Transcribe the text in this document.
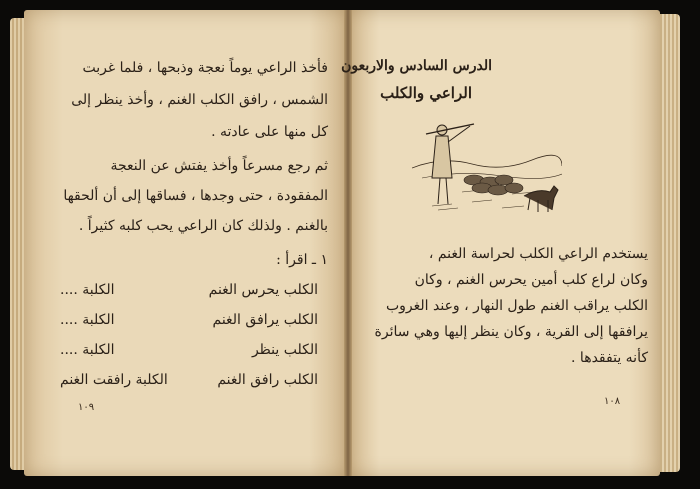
فأخذ الراعي يوماً نعجة وذبحها ، فلما غربت
الشمس ، رافق الكلب الغنم ، وأخذ ينظر إلى
كل منها على عادته .
ثم رجع مسرعاً وأخذ يفتش عن النعجة
المفقودة ، حتى وجدها ، فساقها إلى أن ألحقها
بالغنم . ولذلك كان الراعي يحب كلبه كثيراً .
١ ـ اقرأ :
الكلبة ....	الكلب يحرس الغنم
الكلبة ....	الكلب يرافق الغنم
الكلبة ....	الكلب ينظر
الكلبة رافقت الغنم	الكلب رافق الغنم
١٠٩
الدرس السادس والاربعون
الراعي والكلب
يستخدم الراعي الكلب لحراسة الغنم ،
وكان لراع كلب أمين يحرس الغنم ، وكان
الكلب يراقب الغنم طول النهار ، وعند الغروب
يرافقها إلى القرية ، وكان ينظر إليها وهي سائرة
كأنه يتفقدها .
١٠٨
